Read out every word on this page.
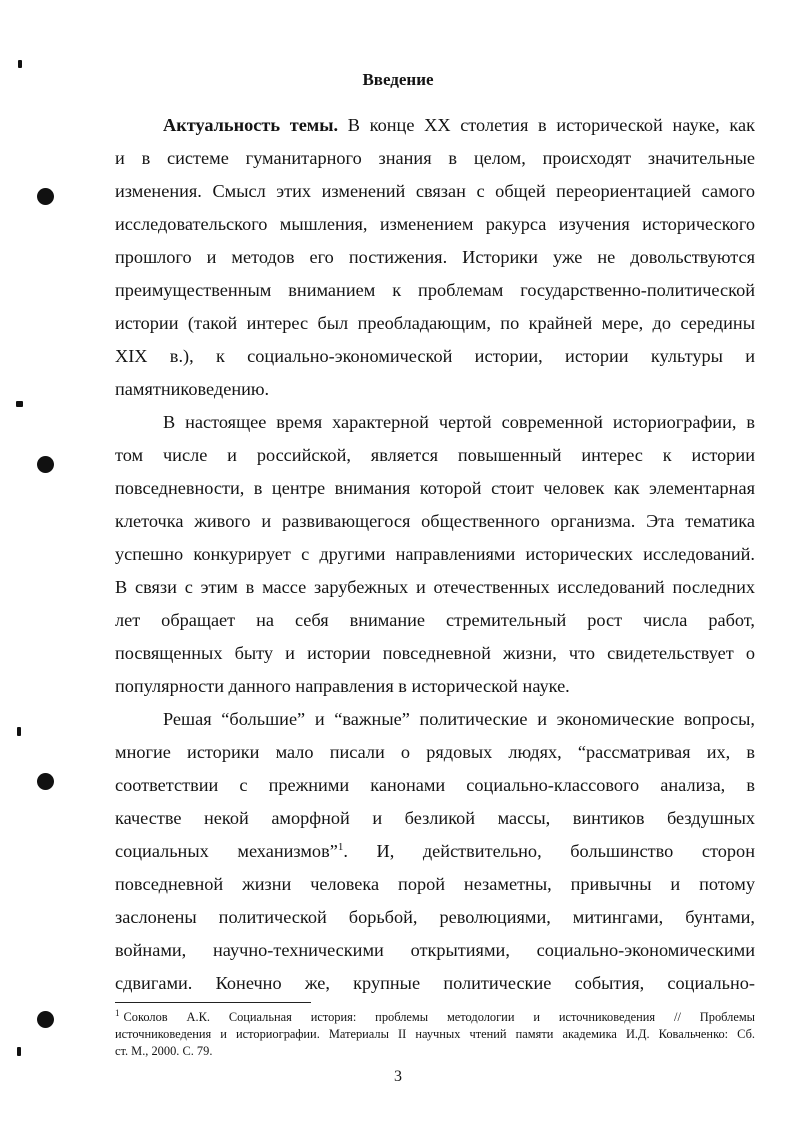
Введение
Актуальность темы. В конце ХХ столетия в исторической науке, как
и в системе гуманитарного знания в целом, происходят значительные
изменения. Смысл этих изменений связан с общей переориентацией самого
исследовательского мышления, изменением ракурса изучения исторического
прошлого и методов его постижения. Историки уже не довольствуются
преимущественным вниманием к проблемам государственно-политической
истории (такой интерес был преобладающим, по крайней мере, до середины
XIX в.), к социально-экономической истории, истории культуры и
памятниковедению.
В настоящее время характерной чертой современной историографии, в
том числе и российской, является повышенный интерес к истории
повседневности, в центре внимания которой стоит человек как элементарная
клеточка живого и развивающегося общественного организма. Эта тематика
успешно конкурирует с другими направлениями исторических исследований.
В связи с этим в массе зарубежных и отечественных исследований последних
лет обращает на себя внимание стремительный рост числа работ,
посвященных быту и истории повседневной жизни, что свидетельствует о
популярности данного направления в исторической науке.
Решая “большие” и “важные” политические и экономические вопросы,
многие историки мало писали о рядовых людях, “рассматривая их, в
соответствии с прежними канонами социально-классового анализа, в
качестве некой аморфной и безликой массы, винтиков бездушных
социальных механизмов”$^1$. И, действительно, большинство сторон
повседневной жизни человека порой незаметны, привычны и потому
заслонены политической борьбой, революциями, митингами, бунтами,
войнами, научно-техническими открытиями, социально-экономическими
сдвигами. Конечно же, крупные политические события, социально-
$^1$ Соколов А.К. Социальная история: проблемы методологии и источниковедения // Проблемы
источниковедения и историографии. Материалы II научных чтений памяти академика И.Д. Ковальченко: Сб.
ст. М., 2000. С. 79.
3
